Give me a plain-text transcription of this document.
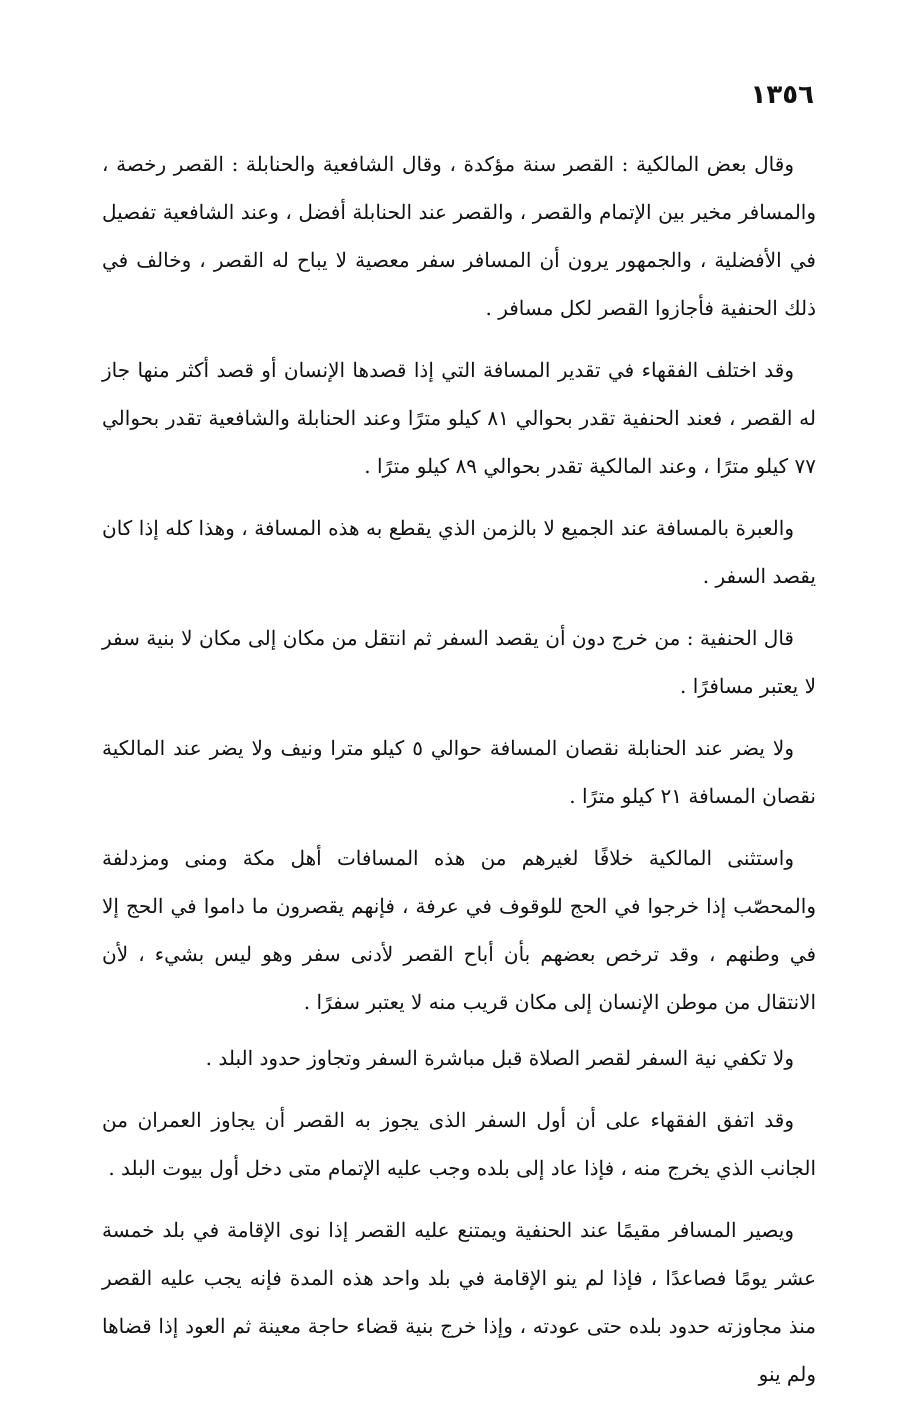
١٣٥٦

وقال بعض المالكية : القصر سنة مؤكدة ، وقال الشافعية والحنابلة : القصر رخصة ، والمسافر مخير بين الإتمام والقصر ، والقصر عند الحنابلة أفضل ، وعند الشافعية تفصيل في الأفضلية ، والجمهور يرون أن المسافر سفر معصية لا يباح له القصر ، وخالف في ذلك الحنفية فأجازوا القصر لكل مسافر .

وقد اختلف الفقهاء في تقدير المسافة التي إذا قصدها الإنسان أو قصد أكثر منها جاز له القصر ، فعند الحنفية تقدر بحوالي ٨١ كيلو مترًا وعند الحنابلة والشافعية تقدر بحوالي ٧٧ كيلو مترًا ، وعند المالكية تقدر بحوالي ٨٩ كيلو مترًا .

والعبرة بالمسافة عند الجميع لا بالزمن الذي يقطع به هذه المسافة ، وهذا كله إذا كان يقصد السفر .

قال الحنفية : من خرج دون أن يقصد السفر ثم انتقل من مكان إلى مكان لا بنية سفر لا يعتبر مسافرًا .

ولا يضر عند الحنابلة نقصان المسافة حوالي ٥ كيلو مترا ونيف ولا يضر عند المالكية نقصان المسافة ٢١ كيلو مترًا .

واستثنى المالكية خلافًا لغيرهم من هذه المسافات أهل مكة ومنى ومزدلفة والمحصّب إذا خرجوا في الحج للوقوف في عرفة ، فإنهم يقصرون ما داموا في الحج إلا في وطنهم ، وقد ترخص بعضهم بأن أباح القصر لأدنى سفر وهو ليس بشيء ، لأن الانتقال من موطن الإنسان إلى مكان قريب منه لا يعتبر سفرًا .

ولا تكفي نية السفر لقصر الصلاة قبل مباشرة السفر وتجاوز حدود البلد .

وقد اتفق الفقهاء على أن أول السفر الذى يجوز به القصر أن يجاوز العمران من الجانب الذي يخرج منه ، فإذا عاد إلى بلده وجب عليه الإتمام متى دخل أول بيوت البلد .

ويصير المسافر مقيمًا عند الحنفية ويمتنع عليه القصر إذا نوى الإقامة في بلد خمسة عشر يومًا فصاعدًا ، فإذا لم ينو الإقامة في بلد واحد هذه المدة فإنه يجب عليه القصر منذ مجاوزته حدود بلده حتى عودته ، وإذا خرج بنية قضاء حاجة معينة ثم العود إذا قضاها ولم ينو
